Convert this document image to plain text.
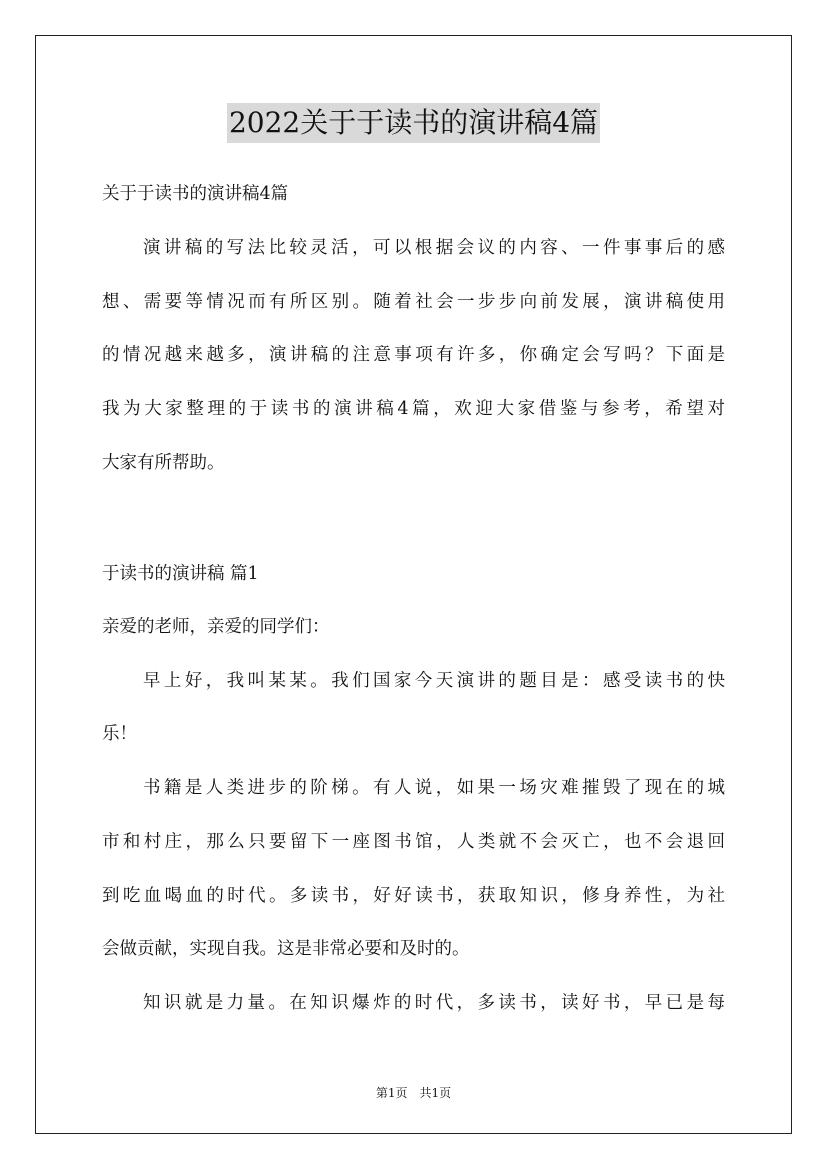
2022关于于读书的演讲稿4篇
关于于读书的演讲稿4篇
演讲稿的写法比较灵活，可以根据会议的内容、一件事事后的感
想、需要等情况而有所区别。随着社会一步步向前发展，演讲稿使用
的情况越来越多，演讲稿的注意事项有许多，你确定会写吗？下面是
我为大家整理的于读书的演讲稿4篇，欢迎大家借鉴与参考，希望对
大家有所帮助。
于读书的演讲稿 篇1
亲爱的老师，亲爱的同学们：
早上好，我叫某某。我们国家今天演讲的题目是：感受读书的快
乐！
书籍是人类进步的阶梯。有人说，如果一场灾难摧毁了现在的城
市和村庄，那么只要留下一座图书馆，人类就不会灭亡，也不会退回
到吃血喝血的时代。多读书，好好读书，获取知识，修身养性，为社
会做贡献，实现自我。这是非常必要和及时的。
知识就是力量。在知识爆炸的时代，多读书，读好书，早已是每
第1页　共1页
